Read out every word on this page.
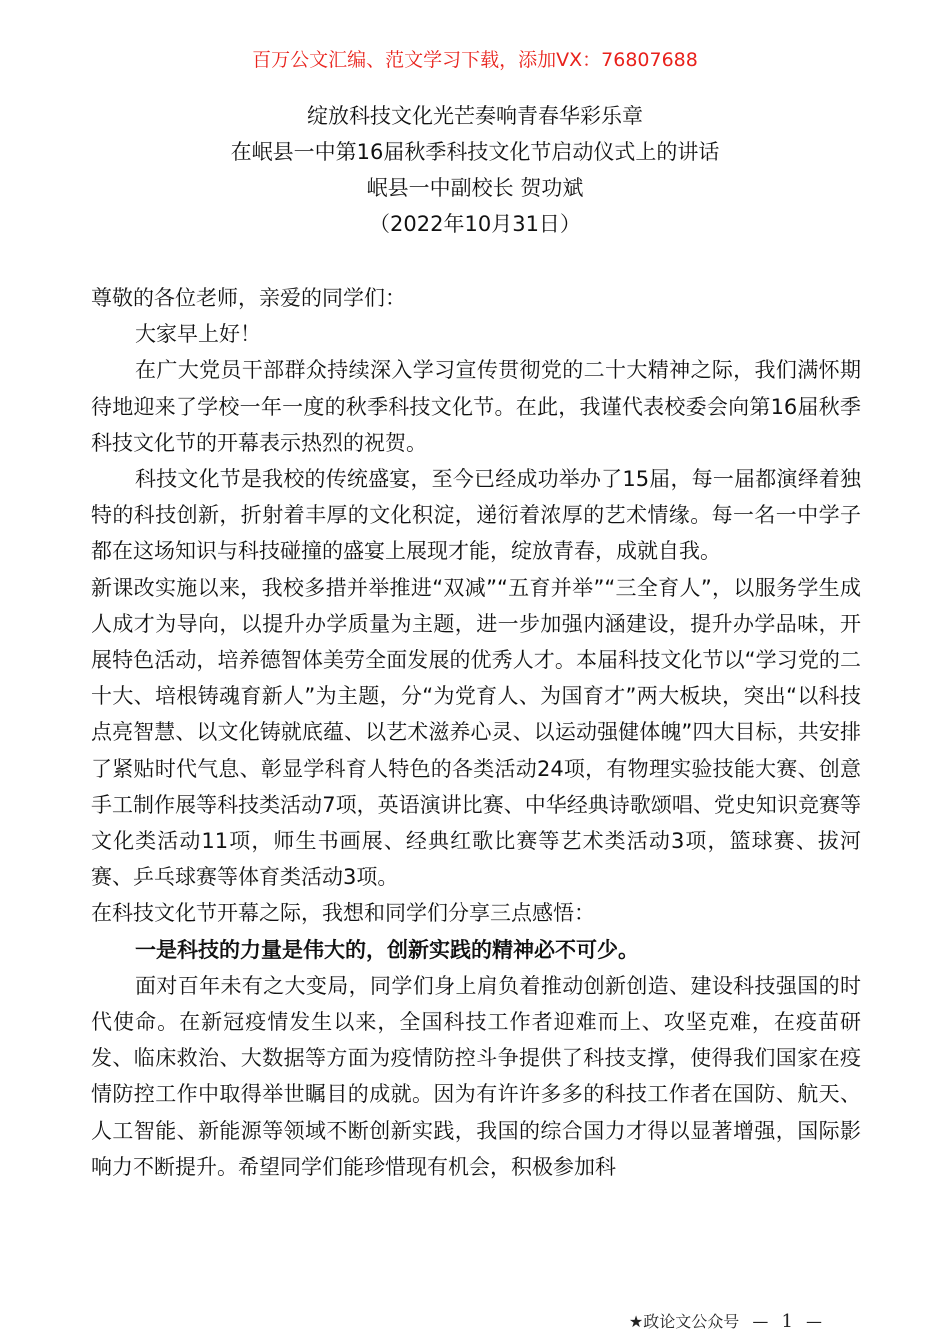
百万公文汇编、范文学习下载，添加VX：76807688
绽放科技文化光芒奏响青春华彩乐章
在岷县一中第16届秋季科技文化节启动仪式上的讲话
岷县一中副校长 贺功斌
（2022年10月31日）

尊敬的各位老师，亲爱的同学们：

大家早上好！

在广大党员干部群众持续深入学习宣传贯彻党的二十大精神之际，我们满怀期待地迎来了学校一年一度的秋季科技文化节。在此，我谨代表校委会向第16届秋季科技文化节的开幕表示热烈的祝贺。

科技文化节是我校的传统盛宴，至今已经成功举办了15届，每一届都演绎着独特的科技创新，折射着丰厚的文化积淀，递衍着浓厚的艺术情缘。每一名一中学子都在这场知识与科技碰撞的盛宴上展现才能，绽放青春，成就自我。

新课改实施以来，我校多措并举推进“双减”“五育并举”“三全育人”，以服务学生成人成才为导向，以提升办学质量为主题，进一步加强内涵建设，提升办学品味，开展特色活动，培养德智体美劳全面发展的优秀人才。本届科技文化节以“学习党的二十大、培根铸魂育新人”为主题，分“为党育人、为国育才”两大板块，突出“以科技点亮智慧、以文化铸就底蕴、以艺术滋养心灵、以运动强健体魄”四大目标，共安排了紧贴时代气息、彰显学科育人特色的各类活动24项，有物理实验技能大赛、创意手工制作展等科技类活动7项，英语演讲比赛、中华经典诗歌颂唱、党史知识竞赛等文化类活动11项，师生书画展、经典红歌比赛等艺术类活动3项，篮球赛、拔河赛、乒乓球赛等体育类活动3项。

在科技文化节开幕之际，我想和同学们分享三点感悟：

一是科技的力量是伟大的，创新实践的精神必不可少。

面对百年未有之大变局，同学们身上肩负着推动创新创造、建设科技强国的时代使命。在新冠疫情发生以来，全国科技工作者迎难而上、攻坚克难，在疫苗研发、临床救治、大数据等方面为疫情防控斗争提供了科技支撑，使得我们国家在疫情防控工作中取得举世瞩目的成就。因为有许许多多的科技工作者在国防、航天、人工智能、新能源等领域不断创新实践，我国的综合国力才得以显著增强，国际影响力不断提升。希望同学们能珍惜现有机会，积极参加科

★政论文公众号 — 1 —
